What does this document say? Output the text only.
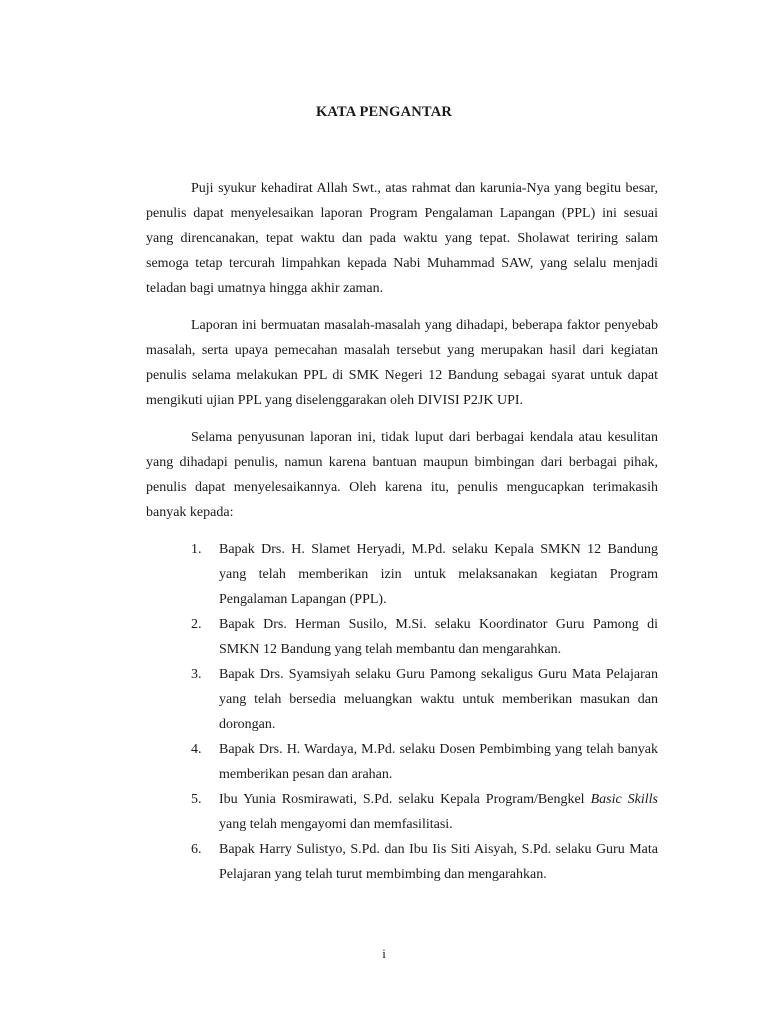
KATA PENGANTAR

Puji syukur kehadirat Allah Swt., atas rahmat dan karunia-Nya yang begitu besar, penulis dapat menyelesaikan laporan Program Pengalaman Lapangan (PPL) ini sesuai yang direncanakan, tepat waktu dan pada waktu yang tepat. Sholawat teriring salam semoga tetap tercurah limpahkan kepada Nabi Muhammad SAW, yang selalu menjadi teladan bagi umatnya hingga akhir zaman.

Laporan ini bermuatan masalah-masalah yang dihadapi, beberapa faktor penyebab masalah, serta upaya pemecahan masalah tersebut yang merupakan hasil dari kegiatan penulis selama melakukan PPL di SMK Negeri 12 Bandung sebagai syarat untuk dapat mengikuti ujian PPL yang diselenggarakan oleh DIVISI P2JK UPI.

Selama penyusunan laporan ini, tidak luput dari berbagai kendala atau kesulitan yang dihadapi penulis, namun karena bantuan maupun bimbingan dari berbagai pihak, penulis dapat menyelesaikannya. Oleh karena itu, penulis mengucapkan terimakasih banyak kepada:

1. Bapak Drs. H. Slamet Heryadi, M.Pd. selaku Kepala SMKN 12 Bandung yang telah memberikan izin untuk melaksanakan kegiatan Program Pengalaman Lapangan (PPL).
2. Bapak Drs. Herman Susilo, M.Si. selaku Koordinator Guru Pamong di SMKN 12 Bandung yang telah membantu dan mengarahkan.
3. Bapak Drs. Syamsiyah selaku Guru Pamong sekaligus Guru Mata Pelajaran yang telah bersedia meluangkan waktu untuk memberikan masukan dan dorongan.
4. Bapak Drs. H. Wardaya, M.Pd. selaku Dosen Pembimbing yang telah banyak memberikan pesan dan arahan.
5. Ibu Yunia Rosmirawati, S.Pd. selaku Kepala Program/Bengkel Basic Skills yang telah mengayomi dan memfasilitasi.
6. Bapak Harry Sulistyo, S.Pd. dan Ibu Iis Siti Aisyah, S.Pd. selaku Guru Mata Pelajaran yang telah turut membimbing dan mengarahkan.
i
